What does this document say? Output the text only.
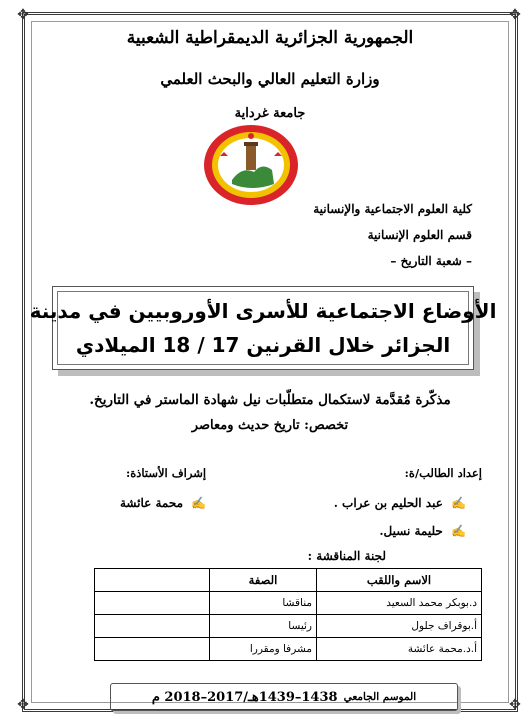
✥	✥
✥	✥
الجمهورية الجزائرية الديمقراطية الشعبية
وزارة التعليم العالي والبحث العلمي
جامعة غرداية
كلية العلوم الاجتماعية والإنسانية
قسم العلوم الإنسانية
– شعبة التاريخ –
الأوضاع الاجتماعية للأسرى الأوروبيين في مدينة
الجزائر خلال القرنين 17 / 18 الميلادي
مذكّرة مُقدَّمة لاستكمال متطلّبات نيل شهادة الماستر في التاريخ.
تخصص: تاريخ حديث ومعاصر
إعداد الطالب/ة:
إشراف الأستاذة:
✍ عبد الحليم بن عراب .
✍ حليمة نسيل.
✍ محمة عائشة
لجنة المناقشة :
الاسم واللقب	الصفة	
د.بوبكر محمد السعيد	مناقشا	
أ.بوقراف جلول	رئيسا	
أ.د.محمة عائشة	مشرفا ومقررا	
الموسم الجامعي
1438–1439هـ/2017–2018 م
